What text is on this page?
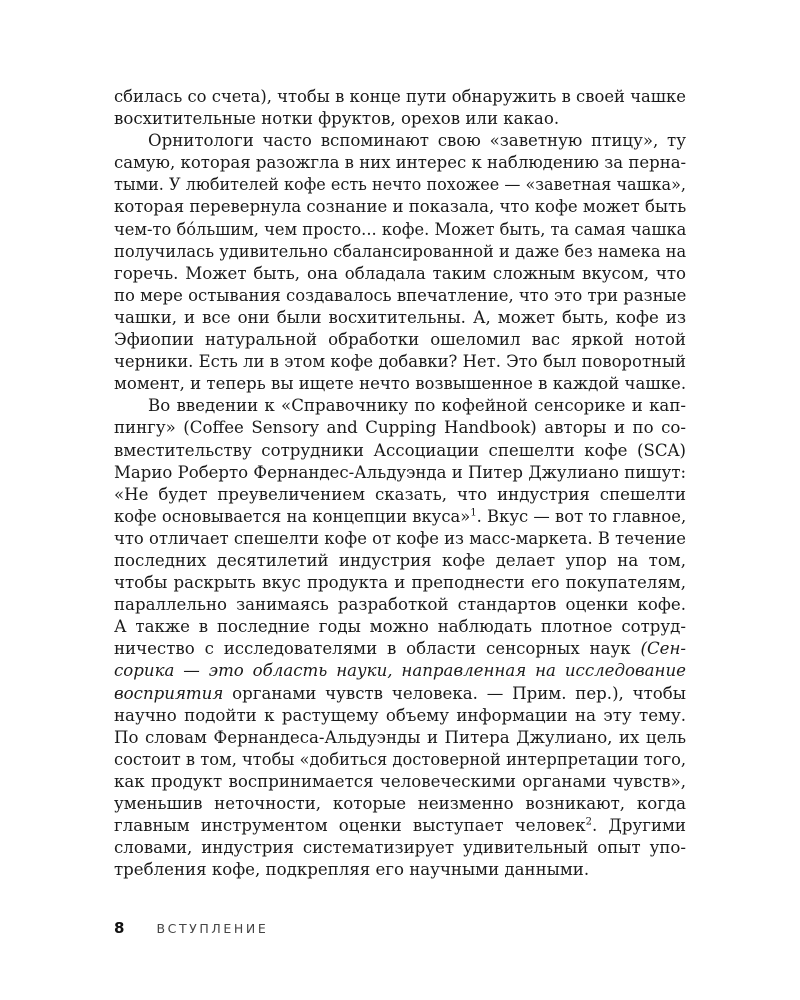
сбилась со счета), чтобы в конце пути обнаружить в своей чашке
восхитительные нотки фруктов, орехов или какао.
Орнитологи часто вспоминают свою «заветную птицу», ту
самую, которая разожгла в них интерес к наблюдению за перна-
тыми. У любителей кофе есть нечто похожее — «заветная чашка»,
которая перевернула сознание и показала, что кофе может быть
чем-то бо́льшим, чем просто... кофе. Может быть, та самая чашка
получилась удивительно сбалансированной и даже без намека на
горечь. Может быть, она обладала таким сложным вкусом, что
по мере остывания создавалось впечатление, что это три разные
чашки, и все они были восхитительны. А, может быть, кофе из
Эфиопии натуральной обработки ошеломил вас яркой нотой
черники. Есть ли в этом кофе добавки? Нет. Это был поворотный
момент, и теперь вы ищете нечто возвышенное в каждой чашке.
Во введении к «Справочнику по кофейной сенсорике и кап-
пингу» (Coffee Sensory and Cupping Handbook) авторы и по со-
вместительству сотрудники Ассоциации спешелти кофе (SCA)
Марио Роберто Фернандес-Альдуэнда и Питер Джулиано пишут:
«Не будет преувеличением сказать, что индустрия спешелти
кофе основывается на концепции вкуса»$^1$. Вкус — вот то главное,
что отличает спешелти кофе от кофе из масс-маркета. В течение
последних десятилетий индустрия кофе делает упор на том,
чтобы раскрыть вкус продукта и преподнести его покупателям,
параллельно занимаясь разработкой стандартов оценки кофе.
А также в последние годы можно наблюдать плотное сотруд-
ничество с исследователями в области сенсорных наук (Сен-
сорика — это область науки, направленная на исследование
восприятия органами чувств человека. — Прим. пер.), чтобы
научно подойти к растущему объему информации на эту тему.
По словам Фернандеса-Альдуэнды и Питера Джулиано, их цель
состоит в том, чтобы «добиться достоверной интерпретации того,
как продукт воспринимается человеческими органами чувств»,
уменьшив неточности, которые неизменно возникают, когда
главным инструментом оценки выступает человек$^2$. Другими
словами, индустрия систематизирует удивительный опыт упо-
требления кофе, подкрепляя его научными данными.
8	ВСТУПЛЕНИЕ
